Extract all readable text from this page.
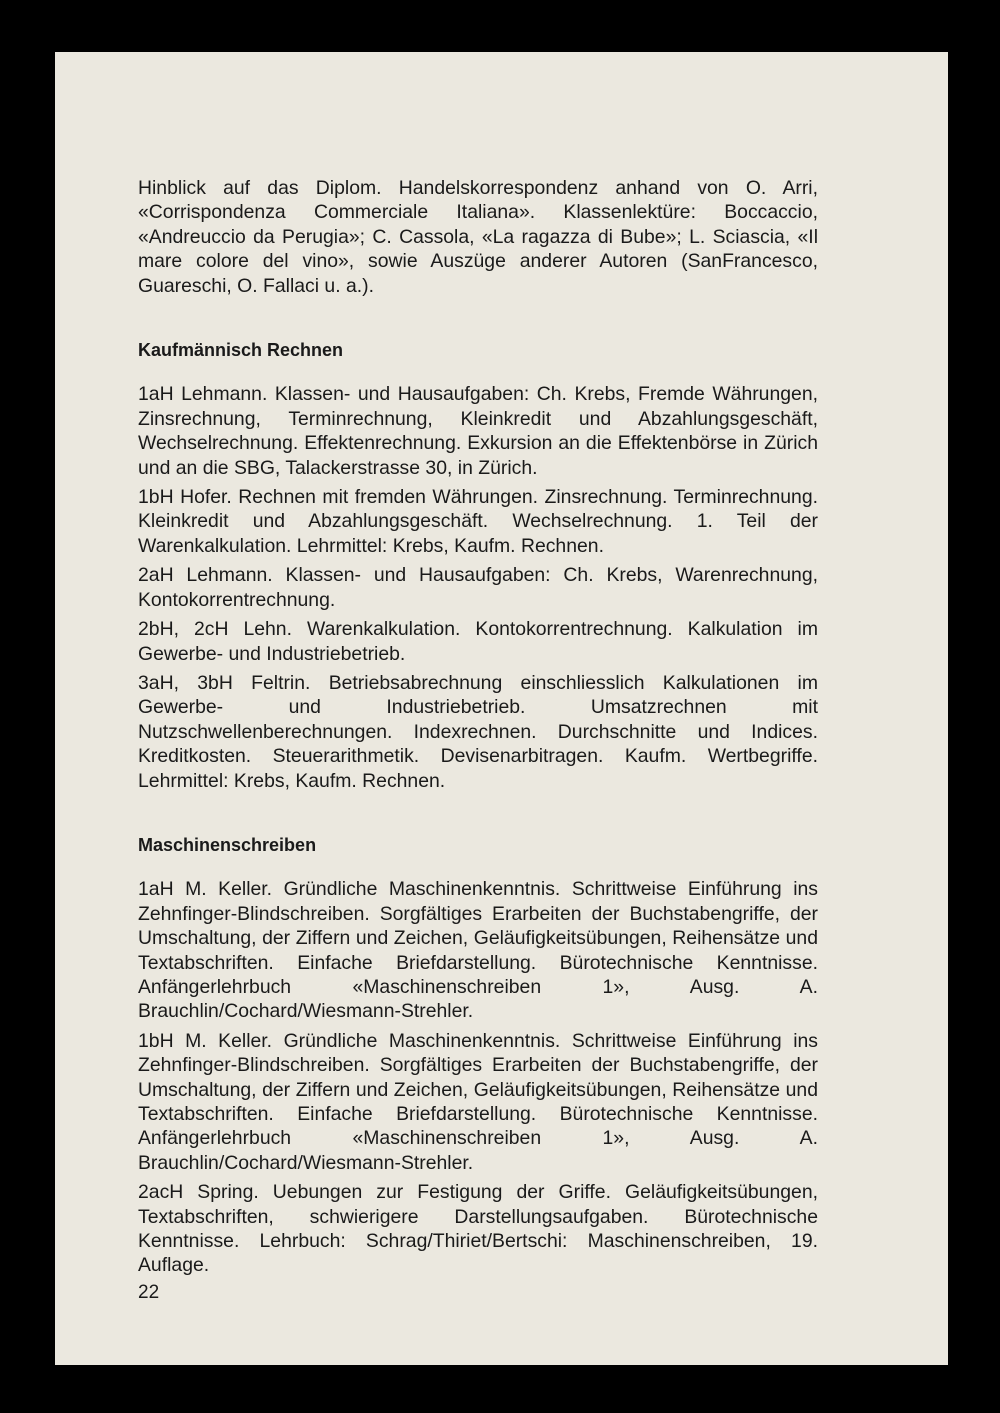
Hinblick auf das Diplom. Handelskorrespondenz anhand von O. Arri, «Corrispondenza Commerciale Italiana». Klassenlektüre: Boccaccio, «Andreuccio da Perugia»; C. Cassola, «La ragazza di Bube»; L. Sciascia, «Il mare colore del vino», sowie Auszüge anderer Autoren (SanFrancesco, Guareschi, O. Fallaci u. a.).

Kaufmännisch Rechnen

1aH Lehmann. Klassen- und Hausaufgaben: Ch. Krebs, Fremde Währungen, Zinsrechnung, Terminrechnung, Kleinkredit und Abzahlungsgeschäft, Wechselrechnung. Effektenrechnung. Exkursion an die Effektenbörse in Zürich und an die SBG, Talackerstrasse 30, in Zürich.

1bH Hofer. Rechnen mit fremden Währungen. Zinsrechnung. Terminrechnung. Kleinkredit und Abzahlungsgeschäft. Wechselrechnung. 1. Teil der Warenkalkulation. Lehrmittel: Krebs, Kaufm. Rechnen.

2aH Lehmann. Klassen- und Hausaufgaben: Ch. Krebs, Warenrechnung, Kontokorrentrechnung.

2bH, 2cH Lehn. Warenkalkulation. Kontokorrentrechnung. Kalkulation im Gewerbe- und Industriebetrieb.

3aH, 3bH Feltrin. Betriebsabrechnung einschliesslich Kalkulationen im Gewerbe- und Industriebetrieb. Umsatzrechnen mit Nutzschwellenberechnungen. Indexrechnen. Durchschnitte und Indices. Kreditkosten. Steuerarithmetik. Devisenarbitragen. Kaufm. Wertbegriffe. Lehrmittel: Krebs, Kaufm. Rechnen.

Maschinenschreiben

1aH M. Keller. Gründliche Maschinenkenntnis. Schrittweise Einführung ins Zehnfinger-Blindschreiben. Sorgfältiges Erarbeiten der Buchstabengriffe, der Umschaltung, der Ziffern und Zeichen, Geläufigkeitsübungen, Reihensätze und Textabschriften. Einfache Briefdarstellung. Bürotechnische Kenntnisse. Anfängerlehrbuch «Maschinenschreiben 1», Ausg. A. Brauchlin/Cochard/Wiesmann-Strehler.

1bH M. Keller. Gründliche Maschinenkenntnis. Schrittweise Einführung ins Zehnfinger-Blindschreiben. Sorgfältiges Erarbeiten der Buchstabengriffe, der Umschaltung, der Ziffern und Zeichen, Geläufigkeitsübungen, Reihensätze und Textabschriften. Einfache Briefdarstellung. Bürotechnische Kenntnisse. Anfängerlehrbuch «Maschinenschreiben 1», Ausg. A. Brauchlin/Cochard/Wiesmann-Strehler.

2acH Spring. Uebungen zur Festigung der Griffe. Geläufigkeitsübungen, Textabschriften, schwierigere Darstellungsaufgaben. Bürotechnische Kenntnisse. Lehrbuch: Schrag/Thiriet/Bertschi: Maschinenschreiben, 19. Auflage.

22
